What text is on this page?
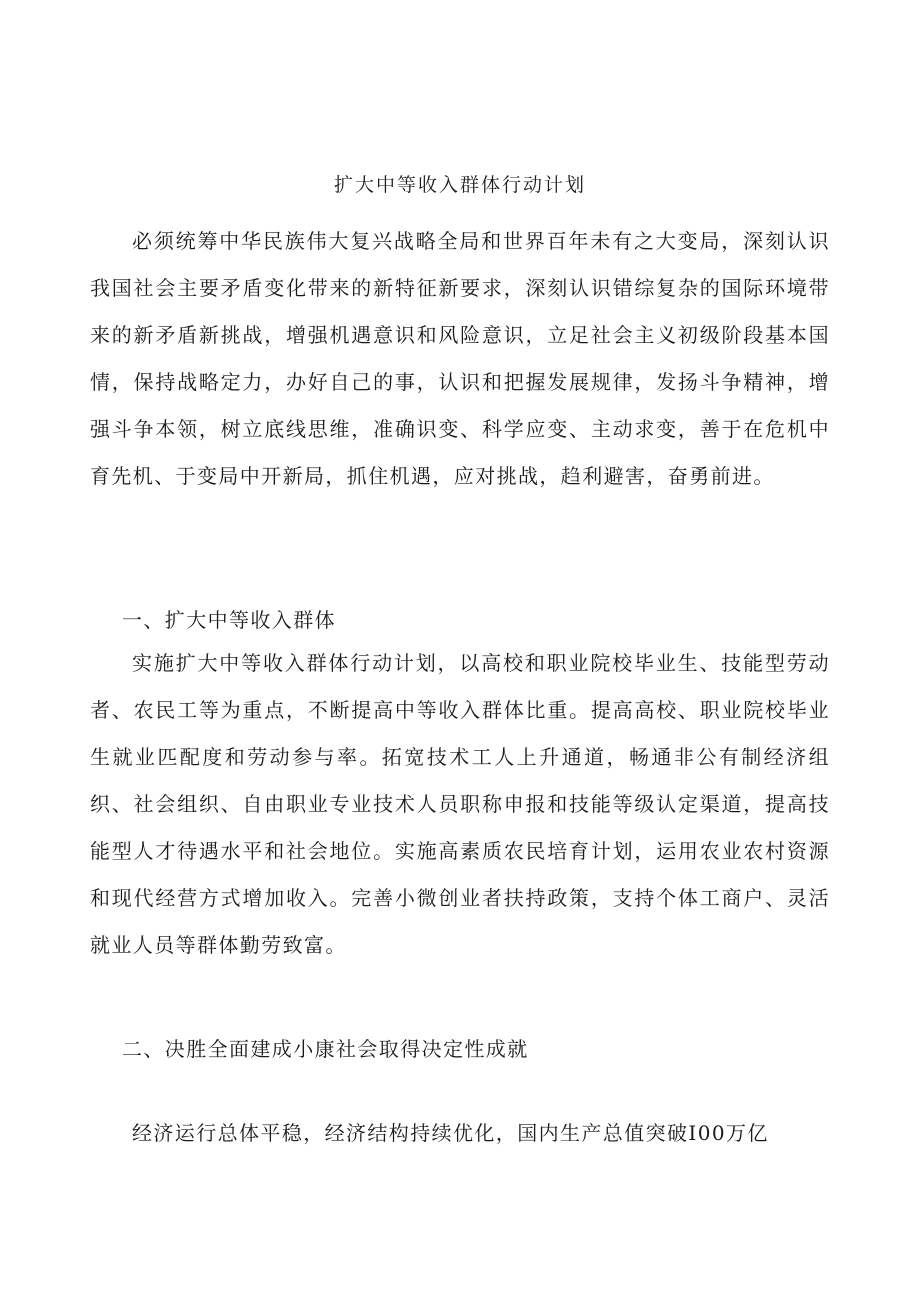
扩大中等收入群体行动计划

必须统筹中华民族伟大复兴战略全局和世界百年未有之大变局，深刻认识我国社会主要矛盾变化带来的新特征新要求，深刻认识错综复杂的国际环境带来的新矛盾新挑战，增强机遇意识和风险意识，立足社会主义初级阶段基本国情，保持战略定力，办好自己的事，认识和把握发展规律，发扬斗争精神，增强斗争本领，树立底线思维，准确识变、科学应变、主动求变，善于在危机中育先机、于变局中开新局，抓住机遇，应对挑战，趋利避害，奋勇前进。

一、扩大中等收入群体

实施扩大中等收入群体行动计划，以高校和职业院校毕业生、技能型劳动者、农民工等为重点，不断提高中等收入群体比重。提高高校、职业院校毕业生就业匹配度和劳动参与率。拓宽技术工人上升通道，畅通非公有制经济组织、社会组织、自由职业专业技术人员职称申报和技能等级认定渠道，提高技能型人才待遇水平和社会地位。实施高素质农民培育计划，运用农业农村资源和现代经营方式增加收入。完善小微创业者扶持政策，支持个体工商户、灵活就业人员等群体勤劳致富。

二、决胜全面建成小康社会取得决定性成就

经济运行总体平稳，经济结构持续优化，国内生产总值突破I00万亿
